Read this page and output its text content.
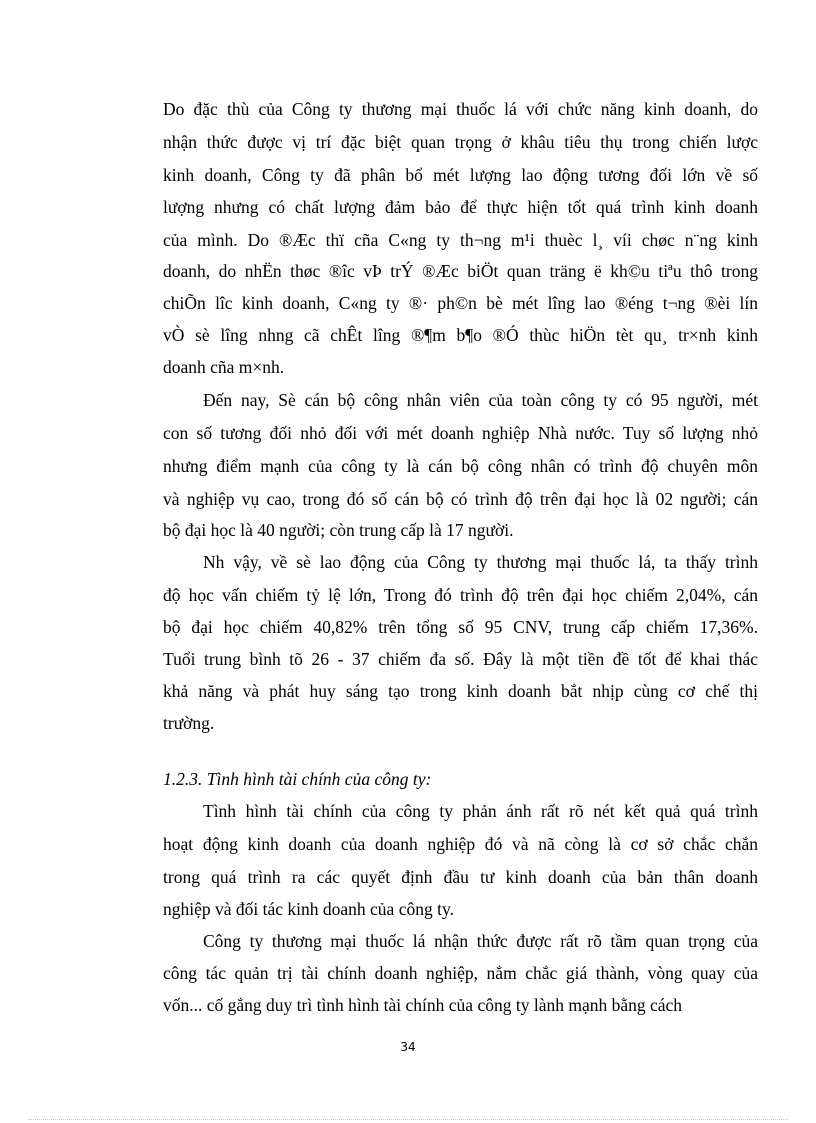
Do đặc thù của Công ty thương mại thuốc lá với chức năng kinh doanh, do
nhận thức được vị trí đặc biệt quan trọng ở khâu tiêu thụ trong chiến lược
kinh doanh, Công ty đã phân bổ mét lượng lao động tương đối lớn về số
lượng nhưng có chất lượng đảm bảo để thực hiện tốt quá trình kinh doanh
của mình. Do ®Æc thï cña C«ng ty th¬ng m¹i thuèc l¸ víi chøc n¨ng kinh
doanh, do nhËn thøc ®îc vÞ trÝ ®Æc biÖt quan träng ë kh©u tiªu thô trong
chiÕn lîc kinh doanh, C«ng ty ®· ph©n bè mét lîng lao ®éng t¬ng ®èi lín
vÒ sè lîng nhng cã chÊt lîng ®¶m b¶o ®Ó thùc hiÖn tèt qu¸ tr×nh kinh
doanh cña m×nh.
Đến nay, Sè cán bộ công nhân viên của toàn công ty có 95 người, mét
con số tương đối nhỏ đối với mét doanh nghiệp Nhà nước. Tuy số lượng nhỏ
nhưng điểm mạnh của công ty là cán bộ công nhân có trình độ chuyên môn
và nghiệp vụ cao, trong đó số cán bộ có trình độ trên đại học là 02 người; cán
bộ đại học là 40 người; còn trung cấp là 17 người.
Nh vậy, về sè lao động của Công ty thương mại thuốc lá, ta thấy trình
độ học vấn chiếm tỷ lệ lớn, Trong đó trình độ trên đại học chiếm 2,04%, cán
bộ đại học chiếm 40,82% trên tổng số 95 CNV, trung cấp chiếm 17,36%.
Tuổi trung bình tõ 26 - 37 chiếm đa số. Đây là một tiền đề tốt để khai thác
khả năng và phát huy sáng tạo trong kinh doanh bắt nhịp cùng cơ chế thị
trường.
1.2.3. Tình hình tài chính của công ty:
Tình hình tài chính của công ty phản ánh rất rõ nét kết quả quá trình
hoạt động kinh doanh của doanh nghiệp đó và nã còng là cơ sở chắc chắn
trong quá trình ra các quyết định đầu tư kinh doanh của bản thân doanh
nghiệp và đối tác kinh doanh của công ty.
Công ty thương mại thuốc lá nhận thức được rất rõ tầm quan trọng của
công tác quản trị tài chính doanh nghiệp, nắm chắc giá thành, vòng quay của
vốn... cố gắng duy trì tình hình tài chính của công ty lành mạnh bằng cách
34
